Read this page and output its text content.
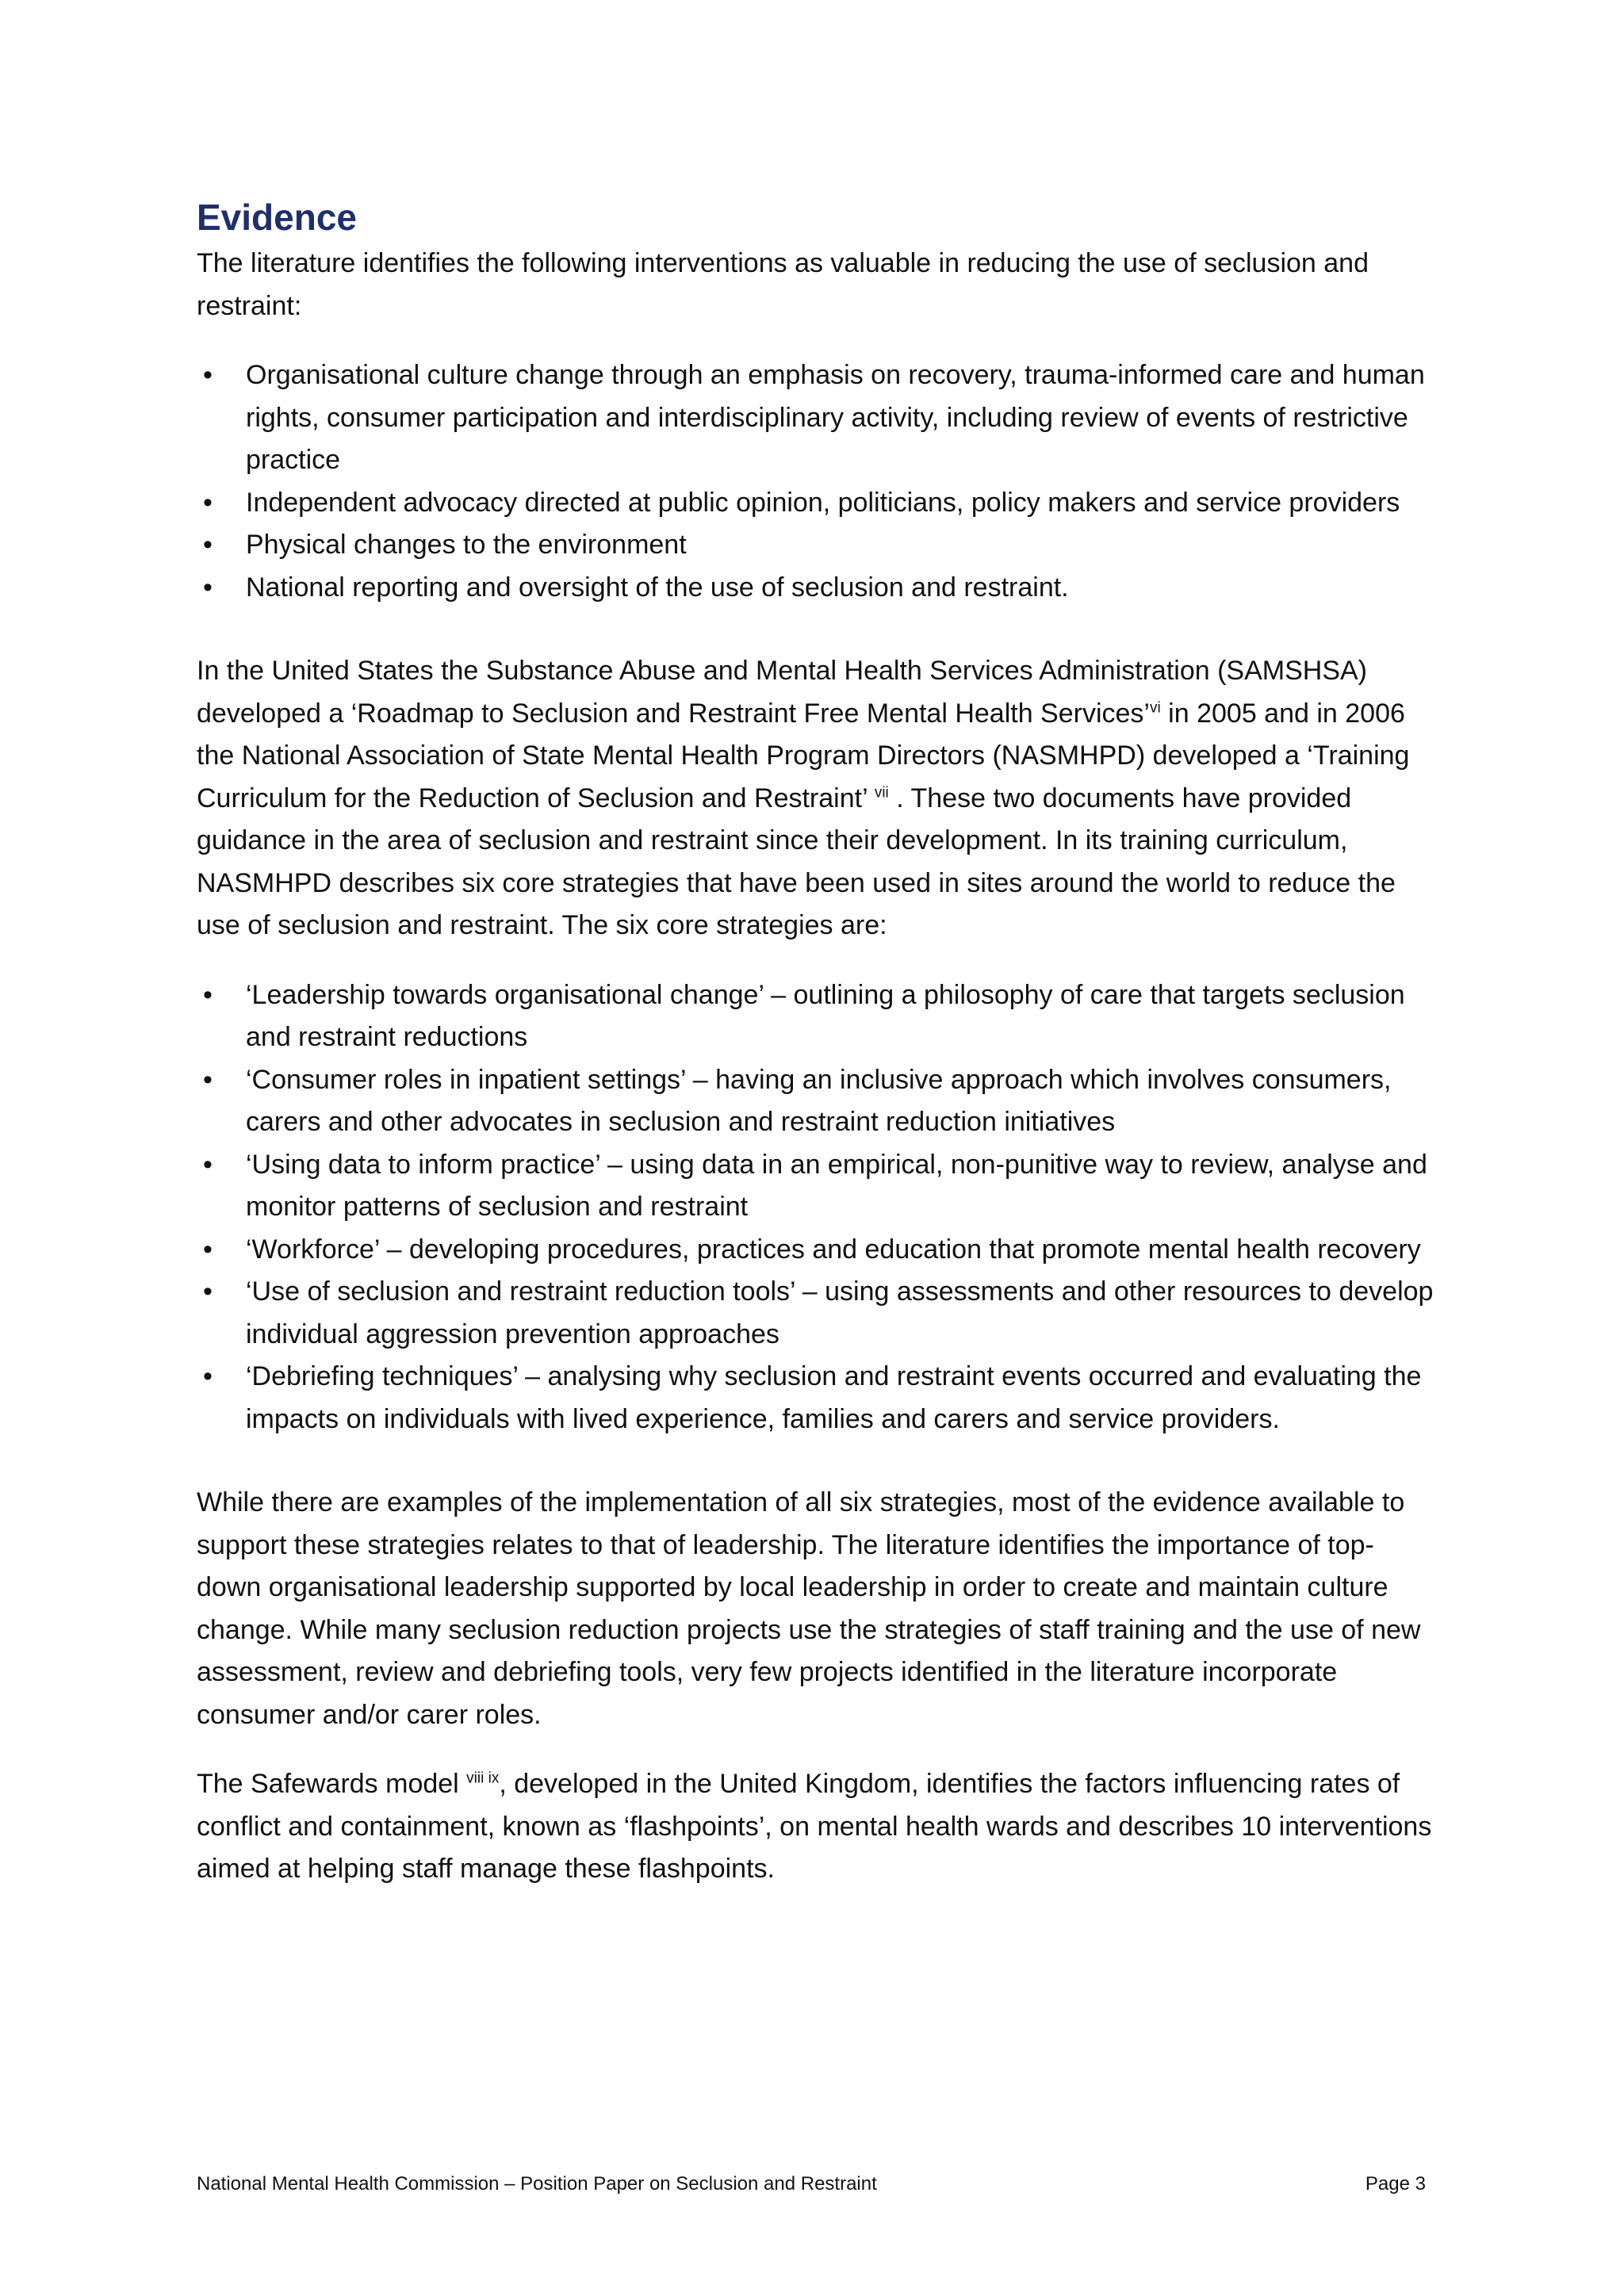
Evidence

The literature identifies the following interventions as valuable in reducing the use of seclusion and restraint:

• Organisational culture change through an emphasis on recovery, trauma-informed care and human rights, consumer participation and interdisciplinary activity, including review of events of restrictive practice
• Independent advocacy directed at public opinion, politicians, policy makers and service providers
• Physical changes to the environment
• National reporting and oversight of the use of seclusion and restraint.

In the United States the Substance Abuse and Mental Health Services Administration (SAMSHSA) developed a ‘Roadmap to Seclusion and Restraint Free Mental Health Services’$^{vi}$ in 2005 and in 2006 the National Association of State Mental Health Program Directors (NASMHPD) developed a ‘Training Curriculum for the Reduction of Seclusion and Restraint’ $^{vii}$ . These two documents have provided guidance in the area of seclusion and restraint since their development. In its training curriculum, NASMHPD describes six core strategies that have been used in sites around the world to reduce the use of seclusion and restraint. The six core strategies are:

• ‘Leadership towards organisational change’ – outlining a philosophy of care that targets seclusion and restraint reductions
• ‘Consumer roles in inpatient settings’ – having an inclusive approach which involves consumers, carers and other advocates in seclusion and restraint reduction initiatives
• ‘Using data to inform practice’ – using data in an empirical, non-punitive way to review, analyse and monitor patterns of seclusion and restraint
• ‘Workforce’ – developing procedures, practices and education that promote mental health recovery
• ‘Use of seclusion and restraint reduction tools’ – using assessments and other resources to develop individual aggression prevention approaches
• ‘Debriefing techniques’ – analysing why seclusion and restraint events occurred and evaluating the impacts on individuals with lived experience, families and carers and service providers.

While there are examples of the implementation of all six strategies, most of the evidence available to support these strategies relates to that of leadership. The literature identifies the importance of top-down organisational leadership supported by local leadership in order to create and maintain culture change. While many seclusion reduction projects use the strategies of staff training and the use of new assessment, review and debriefing tools, very few projects identified in the literature incorporate consumer and/or carer roles.

The Safewards model $^{viii ix}$, developed in the United Kingdom, identifies the factors influencing rates of conflict and containment, known as ‘flashpoints’, on mental health wards and describes 10 interventions aimed at helping staff manage these flashpoints.

National Mental Health Commission – Position Paper on Seclusion and Restraint	Page 3
